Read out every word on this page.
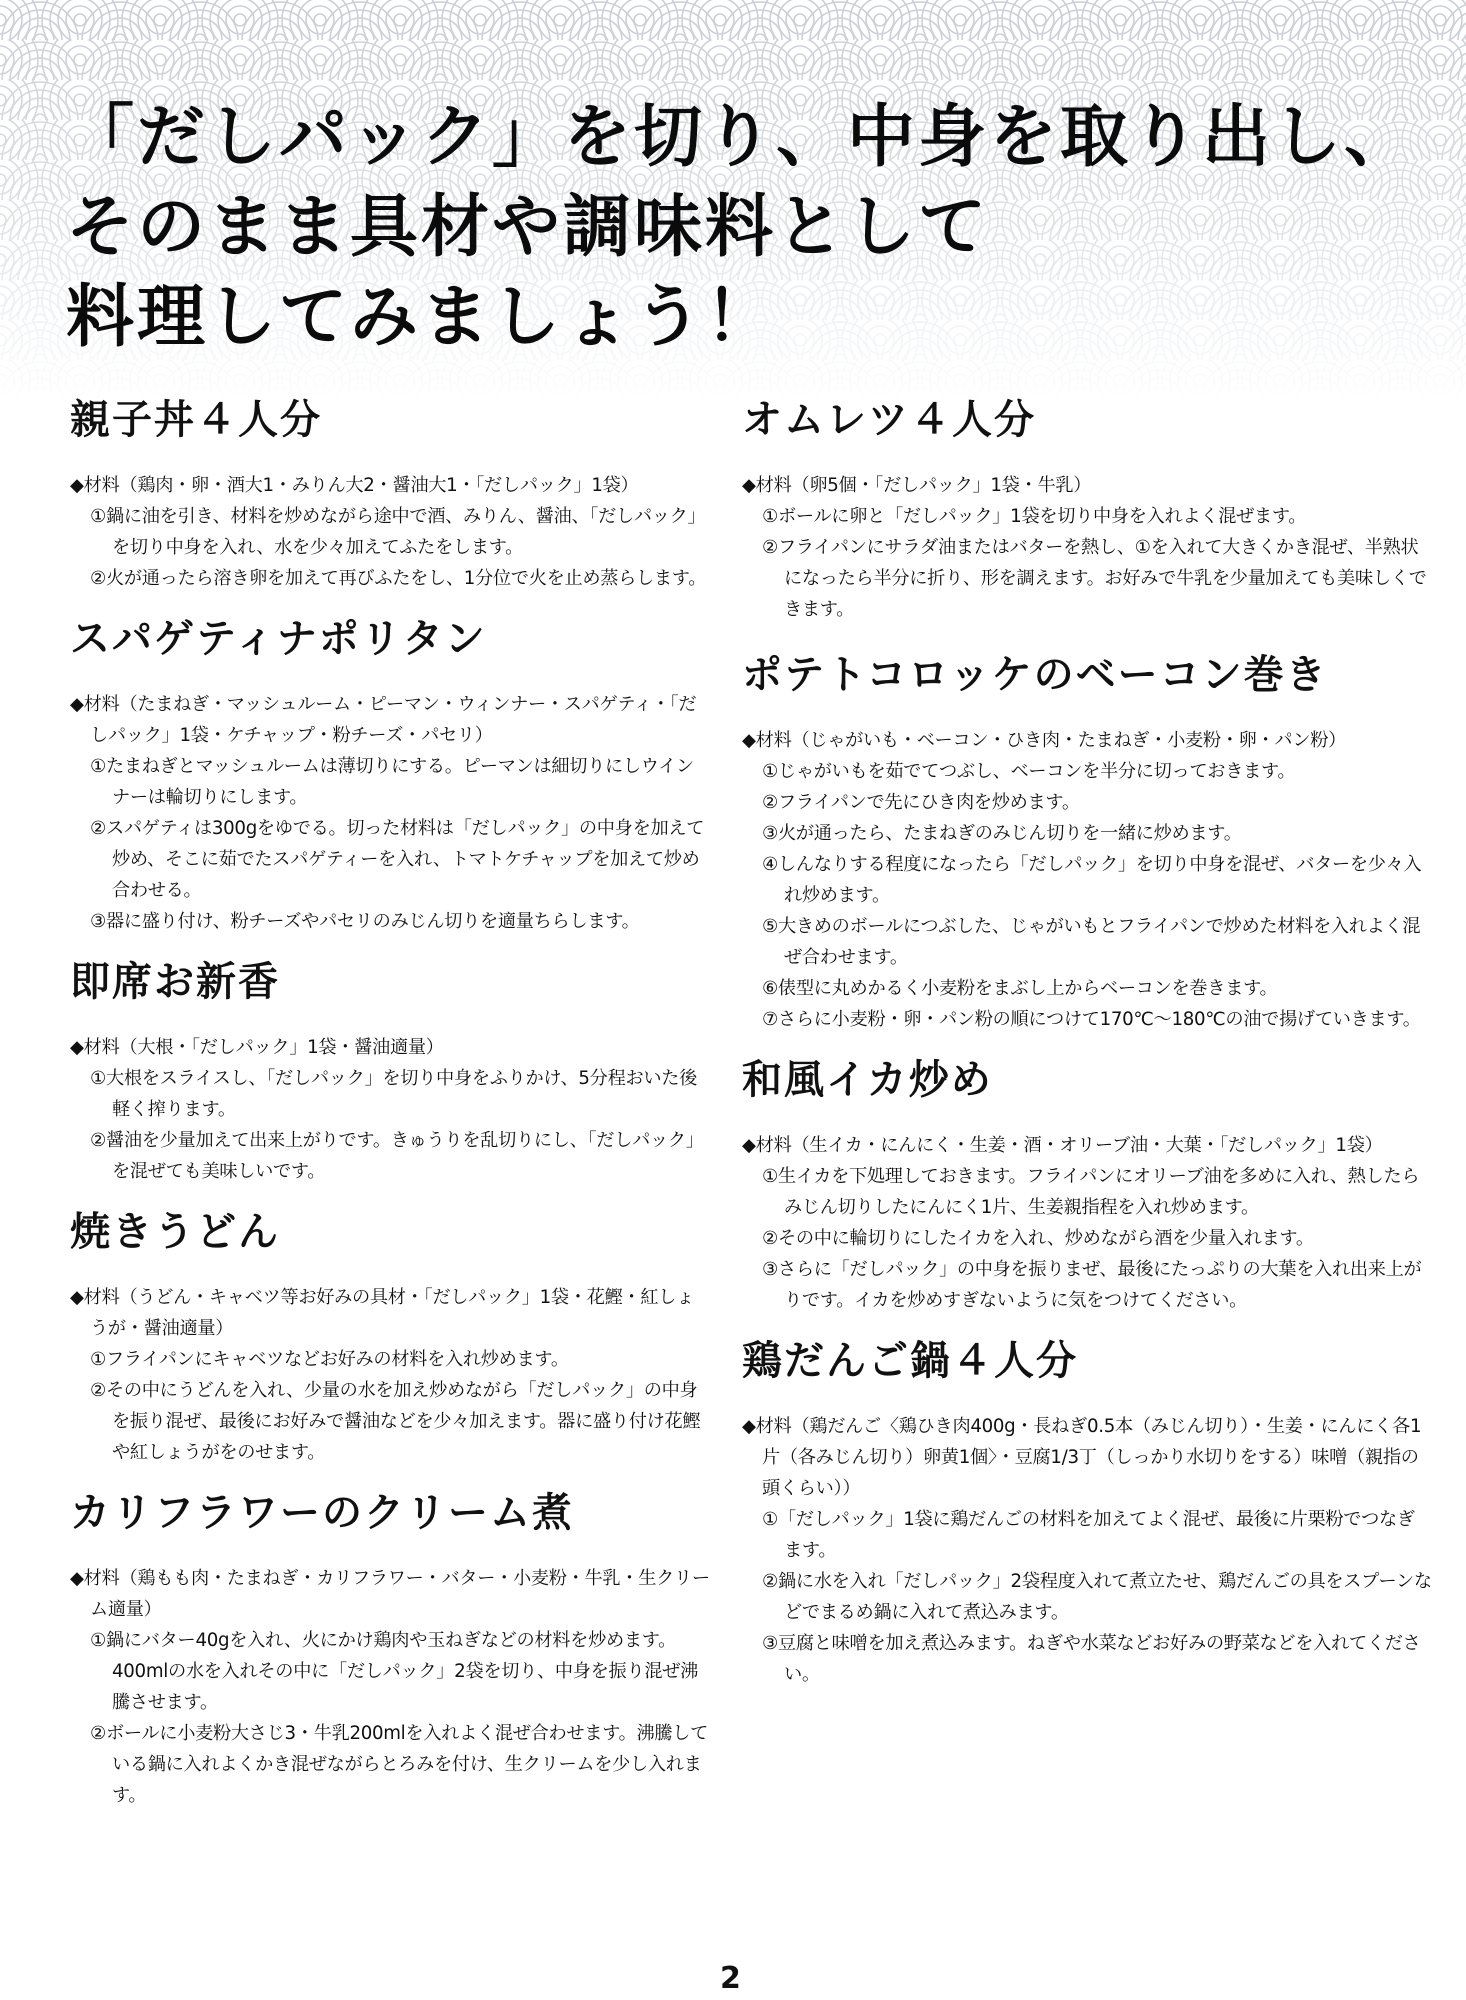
「だしパック」を切り、中身を取り出し、
そのまま具材や調味料として
料理してみましょう！
親子丼４人分
◆材料（鶏肉・卵・酒大1・みりん大2・醤油大1・「だしパック」1袋）
①鍋に油を引き、材料を炒めながら途中で酒、みりん、醤油、「だしパック」を切り中身を入れ、水を少々加えてふたをします。
②火が通ったら溶き卵を加えて再びふたをし、1分位で火を止め蒸らします。
スパゲティナポリタン
◆材料（たまねぎ・マッシュルーム・ピーマン・ウィンナー・スパゲティ・「だしパック」1袋・ケチャップ・粉チーズ・パセリ）
①たまねぎとマッシュルームは薄切りにする。ピーマンは細切りにしウインナーは輪切りにします。
②スパゲティは300gをゆでる。切った材料は「だしパック」の中身を加えて炒め、そこに茹でたスパゲティーを入れ、トマトケチャップを加えて炒め合わせる。
③器に盛り付け、粉チーズやパセリのみじん切りを適量ちらします。
即席お新香
◆材料（大根・「だしパック」1袋・醤油適量）
①大根をスライスし、「だしパック」を切り中身をふりかけ、5分程おいた後軽く搾ります。
②醤油を少量加えて出来上がりです。きゅうりを乱切りにし、「だしパック」を混ぜても美味しいです。
焼きうどん
◆材料（うどん・キャベツ等お好みの具材・「だしパック」1袋・花鰹・紅しょうが・醤油適量）
①フライパンにキャベツなどお好みの材料を入れ炒めます。
②その中にうどんを入れ、少量の水を加え炒めながら「だしパック」の中身を振り混ぜ、最後にお好みで醤油などを少々加えます。器に盛り付け花鰹や紅しょうがをのせます。
カリフラワーのクリーム煮
◆材料（鶏もも肉・たまねぎ・カリフラワー・バター・小麦粉・牛乳・生クリーム適量）
①鍋にバター40gを入れ、火にかけ鶏肉や玉ねぎなどの材料を炒めます。400mlの水を入れその中に「だしパック」2袋を切り、中身を振り混ぜ沸騰させます。
②ボールに小麦粉大さじ3・牛乳200mlを入れよく混ぜ合わせます。沸騰している鍋に入れよくかき混ぜながらとろみを付け、生クリームを少し入れます。
オムレツ４人分
◆材料（卵5個・「だしパック」1袋・牛乳）
①ボールに卵と「だしパック」1袋を切り中身を入れよく混ぜます。
②フライパンにサラダ油またはバターを熱し、①を入れて大きくかき混ぜ、半熟状になったら半分に折り、形を調えます。お好みで牛乳を少量加えても美味しくできます。
ポテトコロッケのベーコン巻き
◆材料（じゃがいも・ベーコン・ひき肉・たまねぎ・小麦粉・卵・パン粉）
①じゃがいもを茹でてつぶし、ベーコンを半分に切っておきます。
②フライパンで先にひき肉を炒めます。
③火が通ったら、たまねぎのみじん切りを一緒に炒めます。
④しんなりする程度になったら「だしパック」を切り中身を混ぜ、バターを少々入れ炒めます。
⑤大きめのボールにつぶした、じゃがいもとフライパンで炒めた材料を入れよく混ぜ合わせます。
⑥俵型に丸めかるく小麦粉をまぶし上からベーコンを巻きます。
⑦さらに小麦粉・卵・パン粉の順につけて170℃～180℃の油で揚げていきます。
和風イカ炒め
◆材料（生イカ・にんにく・生姜・酒・オリーブ油・大葉・「だしパック」1袋）
①生イカを下処理しておきます。フライパンにオリーブ油を多めに入れ、熱したらみじん切りしたにんにく1片、生姜親指程を入れ炒めます。
②その中に輪切りにしたイカを入れ、炒めながら酒を少量入れます。
③さらに「だしパック」の中身を振りまぜ、最後にたっぷりの大葉を入れ出来上がりです。イカを炒めすぎないように気をつけてください。
鶏だんご鍋４人分
◆材料（鶏だんご〈鶏ひき肉400g・長ねぎ0.5本（みじん切り）・生姜・にんにく各1片（各みじん切り）卵黄1個〉・豆腐1/3丁（しっかり水切りをする）味噌（親指の頭くらい））
①「だしパック」1袋に鶏だんごの材料を加えてよく混ぜ、最後に片栗粉でつなぎます。
②鍋に水を入れ「だしパック」2袋程度入れて煮立たせ、鶏だんごの具をスプーンなどでまるめ鍋に入れて煮込みます。
③豆腐と味噌を加え煮込みます。ねぎや水菜などお好みの野菜などを入れてください。
2
